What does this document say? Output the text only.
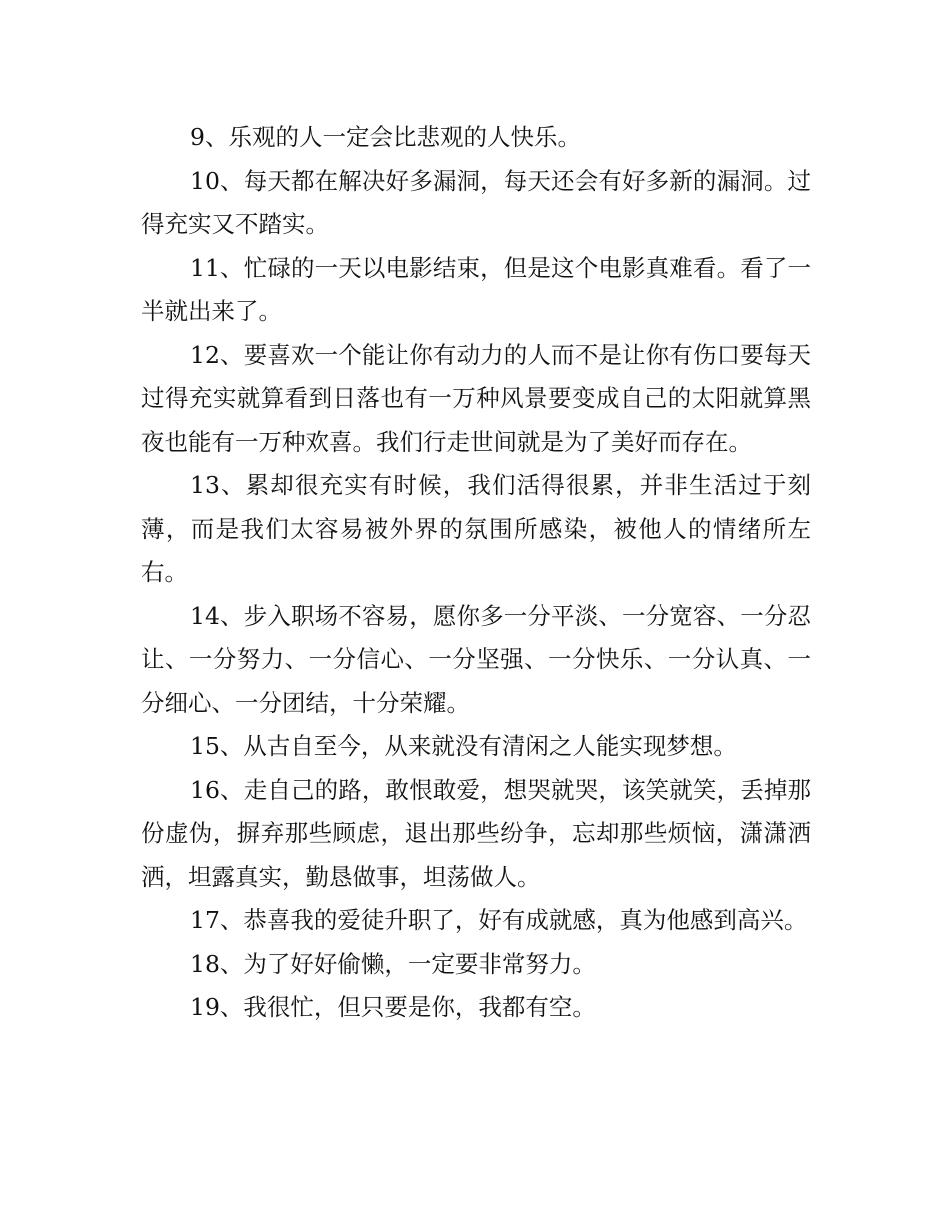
9、乐观的人一定会比悲观的人快乐。

10、每天都在解决好多漏洞，每天还会有好多新的漏洞。过得充实又不踏实。

11、忙碌的一天以电影结束，但是这个电影真难看。看了一半就出来了。

12、要喜欢一个能让你有动力的人而不是让你有伤口要每天过得充实就算看到日落也有一万种风景要变成自己的太阳就算黑夜也能有一万种欢喜。我们行走世间就是为了美好而存在。

13、累却很充实有时候，我们活得很累，并非生活过于刻薄，而是我们太容易被外界的氛围所感染，被他人的情绪所左右。

14、步入职场不容易，愿你多一分平淡、一分宽容、一分忍让、一分努力、一分信心、一分坚强、一分快乐、一分认真、一分细心、一分团结，十分荣耀。

15、从古自至今，从来就没有清闲之人能实现梦想。

16、走自己的路，敢恨敢爱，想哭就哭，该笑就笑，丢掉那份虚伪，摒弃那些顾虑，退出那些纷争，忘却那些烦恼，潇潇洒洒，坦露真实，勤恳做事，坦荡做人。

17、恭喜我的爱徒升职了，好有成就感，真为他感到高兴。

18、为了好好偷懒，一定要非常努力。

19、我很忙，但只要是你，我都有空。
